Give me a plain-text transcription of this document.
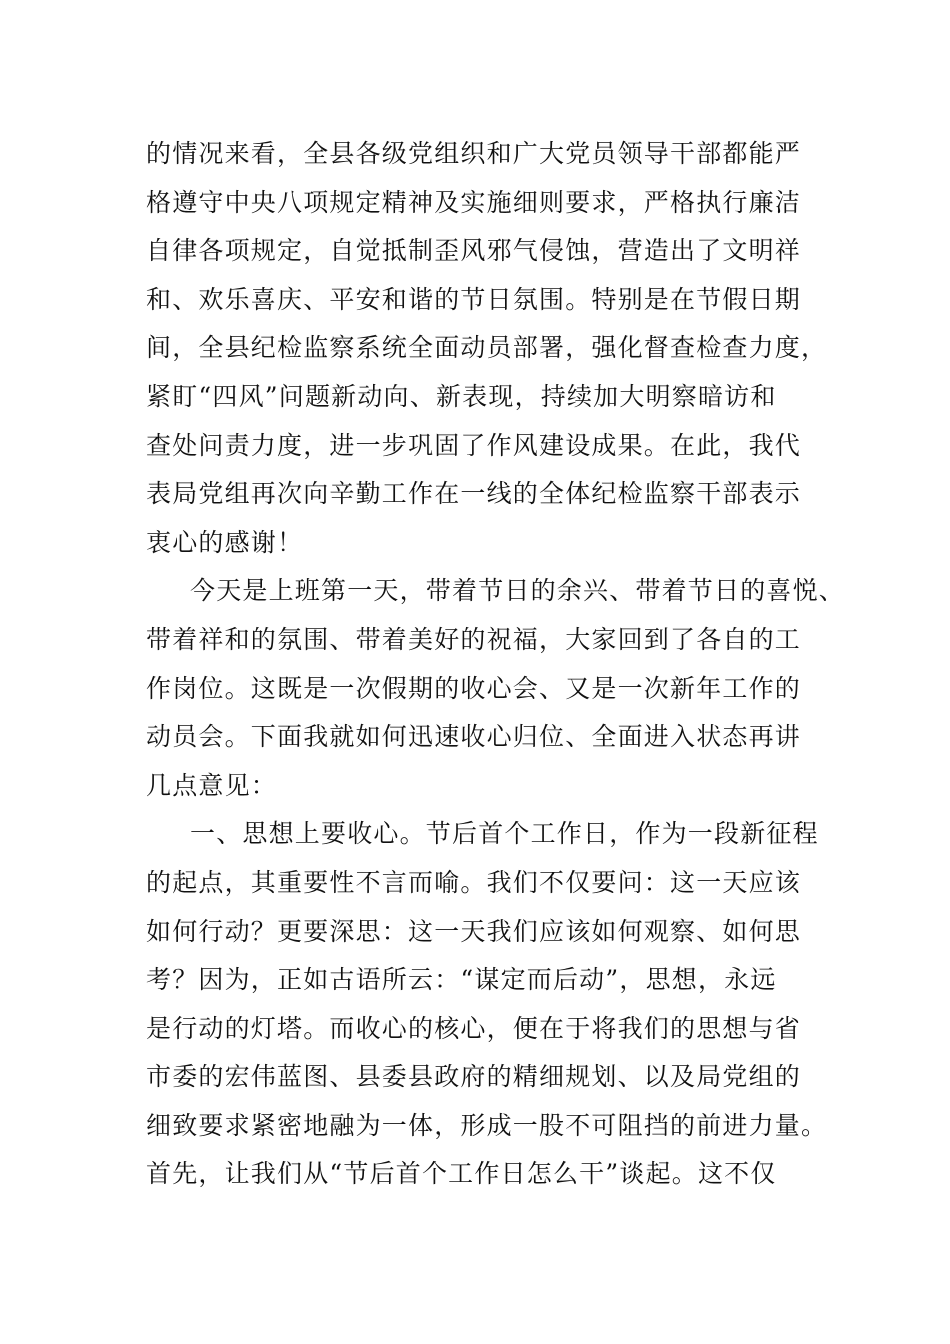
的情况来看，全县各级党组织和广大党员领导干部都能严
格遵守中央八项规定精神及实施细则要求，严格执行廉洁
自律各项规定，自觉抵制歪风邪气侵蚀，营造出了文明祥
和、欢乐喜庆、平安和谐的节日氛围。特别是在节假日期
间，全县纪检监察系统全面动员部署，强化督查检查力度，
紧盯“四风”问题新动向、新表现，持续加大明察暗访和
查处问责力度，进一步巩固了作风建设成果。在此，我代
表局党组再次向辛勤工作在一线的全体纪检监察干部表示
衷心的感谢！
今天是上班第一天，带着节日的余兴、带着节日的喜悦、
带着祥和的氛围、带着美好的祝福，大家回到了各自的工
作岗位。这既是一次假期的收心会、又是一次新年工作的
动员会。下面我就如何迅速收心归位、全面进入状态再讲
几点意见：
一、思想上要收心。节后首个工作日，作为一段新征程
的起点，其重要性不言而喻。我们不仅要问：这一天应该
如何行动？更要深思：这一天我们应该如何观察、如何思
考？因为，正如古语所云：“谋定而后动”，思想，永远
是行动的灯塔。而收心的核心，便在于将我们的思想与省
市委的宏伟蓝图、县委县政府的精细规划、以及局党组的
细致要求紧密地融为一体，形成一股不可阻挡的前进力量。
首先，让我们从“节后首个工作日怎么干”谈起。这不仅
